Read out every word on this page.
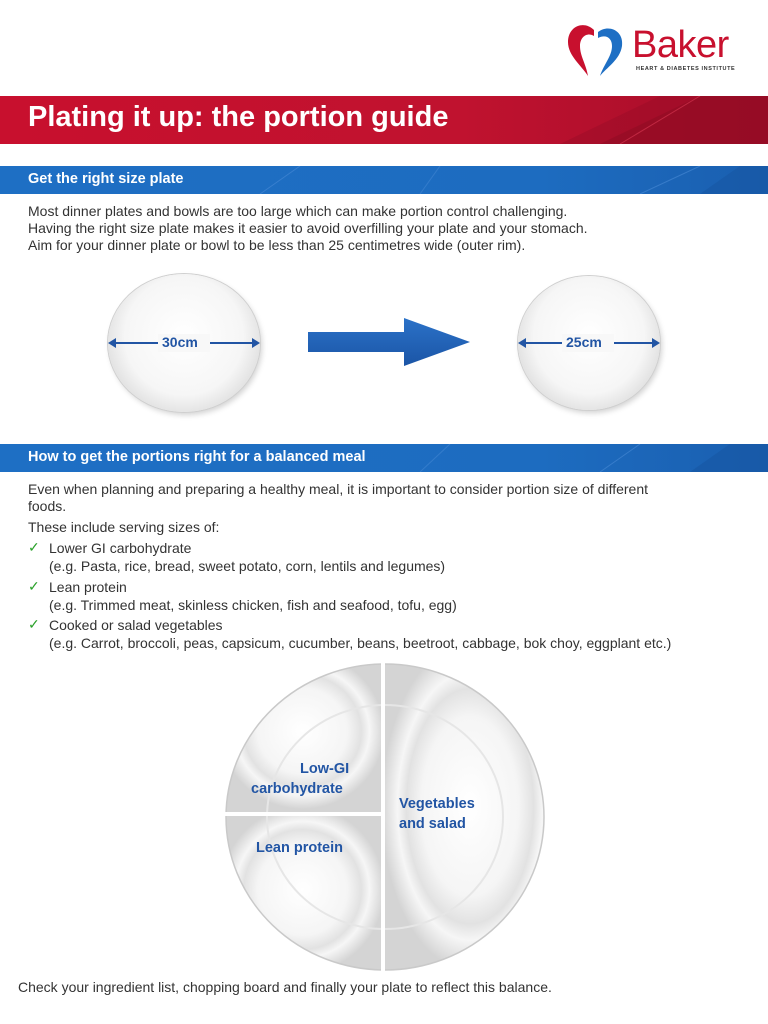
Baker
HEART & DIABETES INSTITUTE
Plating it up: the portion guide
Get the right size plate
Most dinner plates and bowls are too large which can make portion control challenging.
Having the right size plate makes it easier to avoid overfilling your plate and your stomach.
Aim for your dinner plate or bowl to be less than 25 centimetres wide (outer rim).
30cm	25cm
How to get the portions right for a balanced meal
Even when planning and preparing a healthy meal, it is important to consider portion size of different
foods.
These include serving sizes of:
✓ Lower GI carbohydrate
(e.g. Pasta, rice, bread, sweet potato, corn, lentils and legumes)
✓ Lean protein
(e.g. Trimmed meat, skinless chicken, fish and seafood, tofu, egg)
✓ Cooked or salad vegetables
(e.g. Carrot, broccoli, peas, capsicum, cucumber, beans, beetroot, cabbage, bok choy, eggplant etc.)
Low-GI
carbohydrate
Lean protein
Vegetables
and salad
Check your ingredient list, chopping board and finally your plate to reflect this balance.
